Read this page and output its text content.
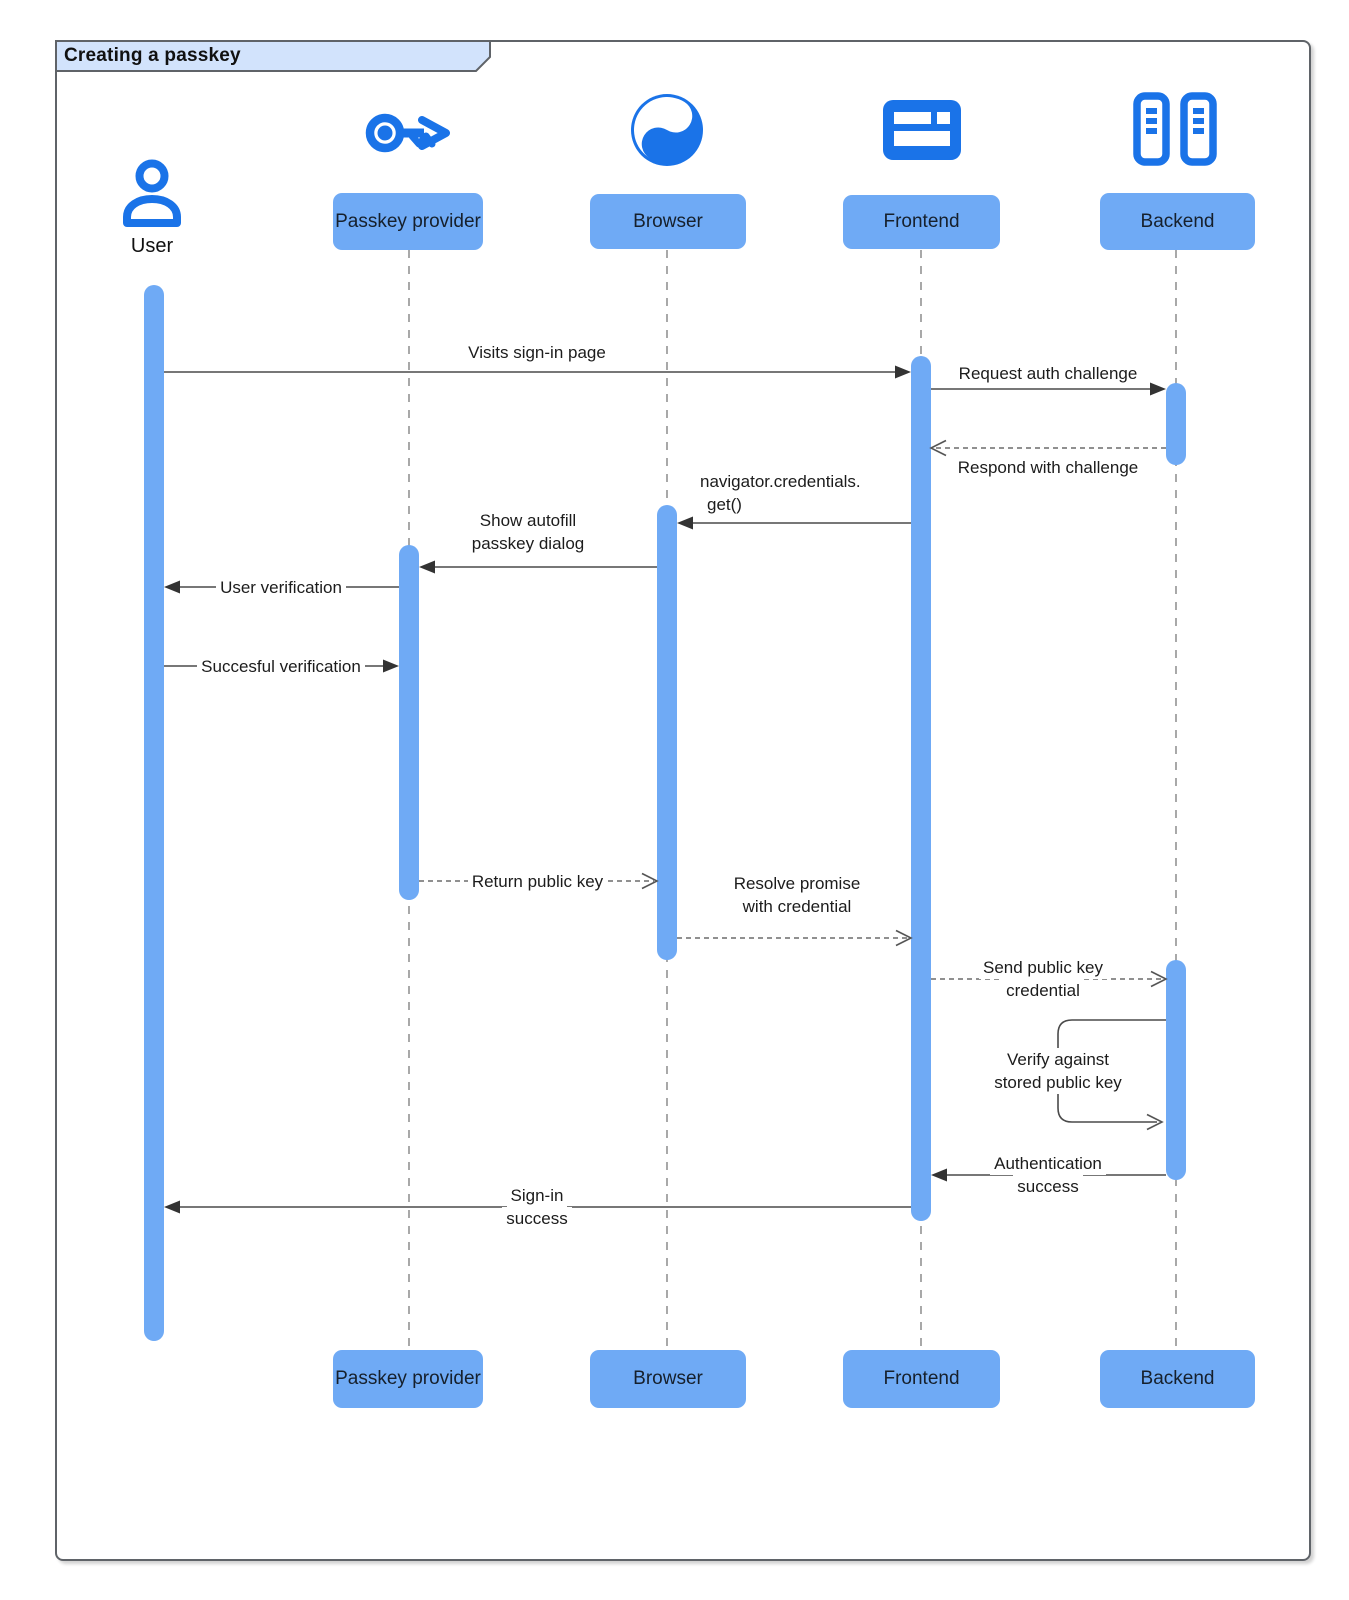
Creating a passkey
User
Passkey provider	Browser	Frontend	Backend
Visits sign-in page
Request auth challenge
Respond with challenge
navigator.credentials.
get()
Show autofill
passkey dialog
User verification
Succesful verification
Return public key	Resolve promise
with credential
Send public key
credential
Verify against
stored public key
Authentication
success
Sign-in
success
Passkey provider	Browser	Frontend	Backend
